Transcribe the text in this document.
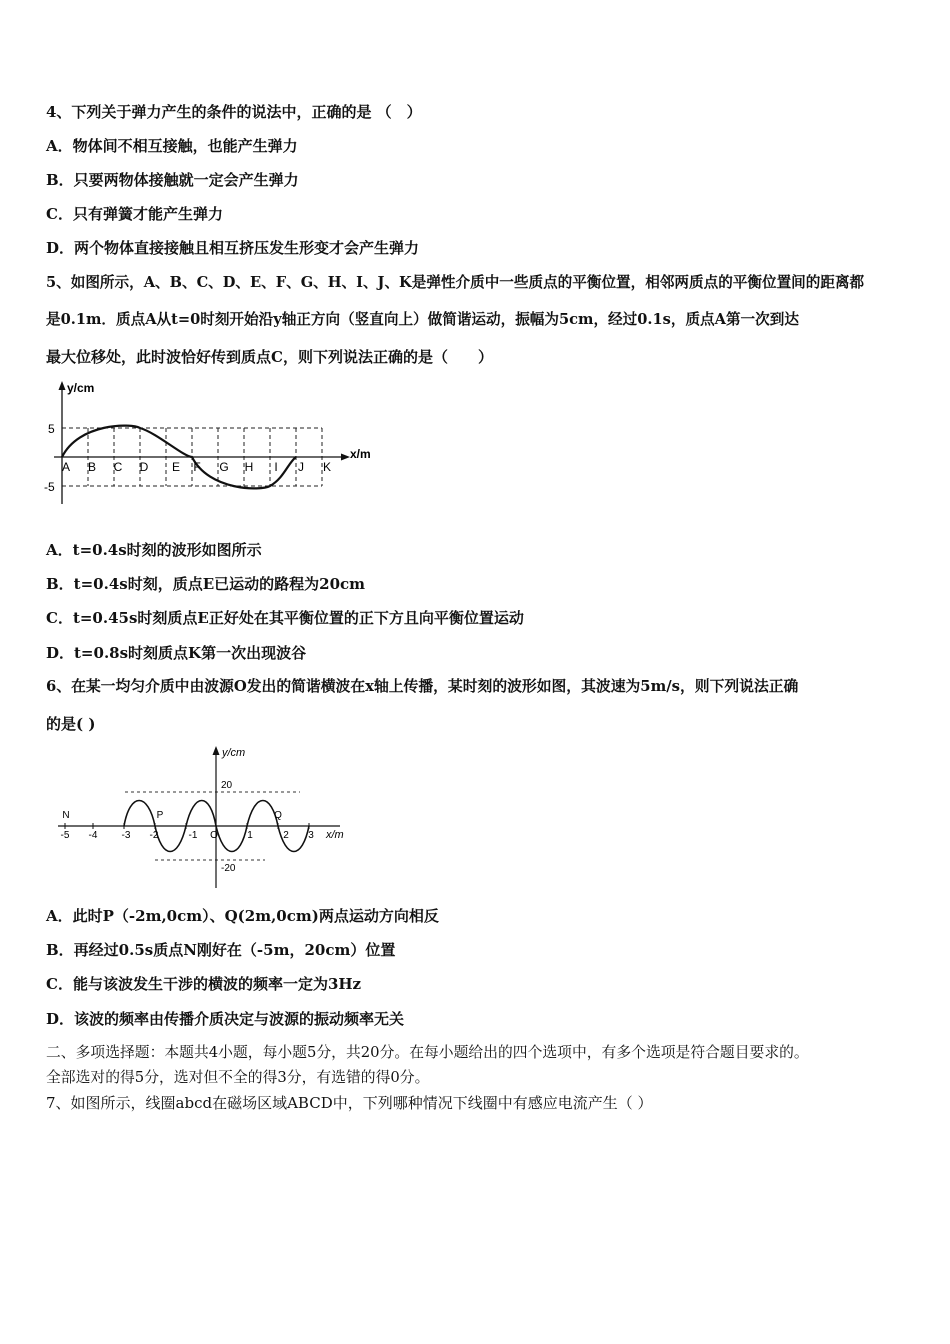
4、下列关于弹力产生的条件的说法中，正确的是 （　）
A．物体间不相互接触，也能产生弹力
B．只要两物体接触就一定会产生弹力
C．只有弹簧才能产生弹力
D．两个物体直接接触且相互挤压发生形变才会产生弹力
5、如图所示，A、B、C、D、E、F、G、H、I、J、K是弹性介质中一些质点的平衡位置，相邻两质点的平衡位置间的距离都
是0.1m．质点A从t=0时刻开始沿y轴正方向（竖直向上）做简谐运动，振幅为5cm，经过0.1s，质点A第一次到达
最大位移处，此时波恰好传到质点C，则下列说法正确的是（　　）
y/cm
x/m
5
-5
A B C D E F G H I J K
A．t=0.4s时刻的波形如图所示
B．t=0.4s时刻，质点E已运动的路程为20cm
C．t=0.45s时刻质点E正好处在其平衡位置的正下方且向平衡位置运动
D．t=0.8s时刻质点K第一次出现波谷
6、在某一均匀介质中由波源O发出的简谐横波在x轴上传播，某时刻的波形如图，其波速为5m/s，则下列说法正确
的是( )
y/cm
x/m
20
-20
-5 -4 -3 -2	-1 O	1	2 3
N	P	Q
A．此时P（-2m,0cm）、Q(2m,0cm)两点运动方向相反
B．再经过0.5s质点N刚好在（-5m，20cm）位置
C．能与该波发生干涉的横波的频率一定为3Hz
D．该波的频率由传播介质决定与波源的振动频率无关
二、多项选择题：本题共4小题，每小题5分，共20分。在每小题给出的四个选项中，有多个选项是符合题目要求的。
全部选对的得5分，选对但不全的得3分，有选错的得0分。
7、如图所示，线圈abcd在磁场区域ABCD中，下列哪种情况下线圈中有感应电流产生（ ）
